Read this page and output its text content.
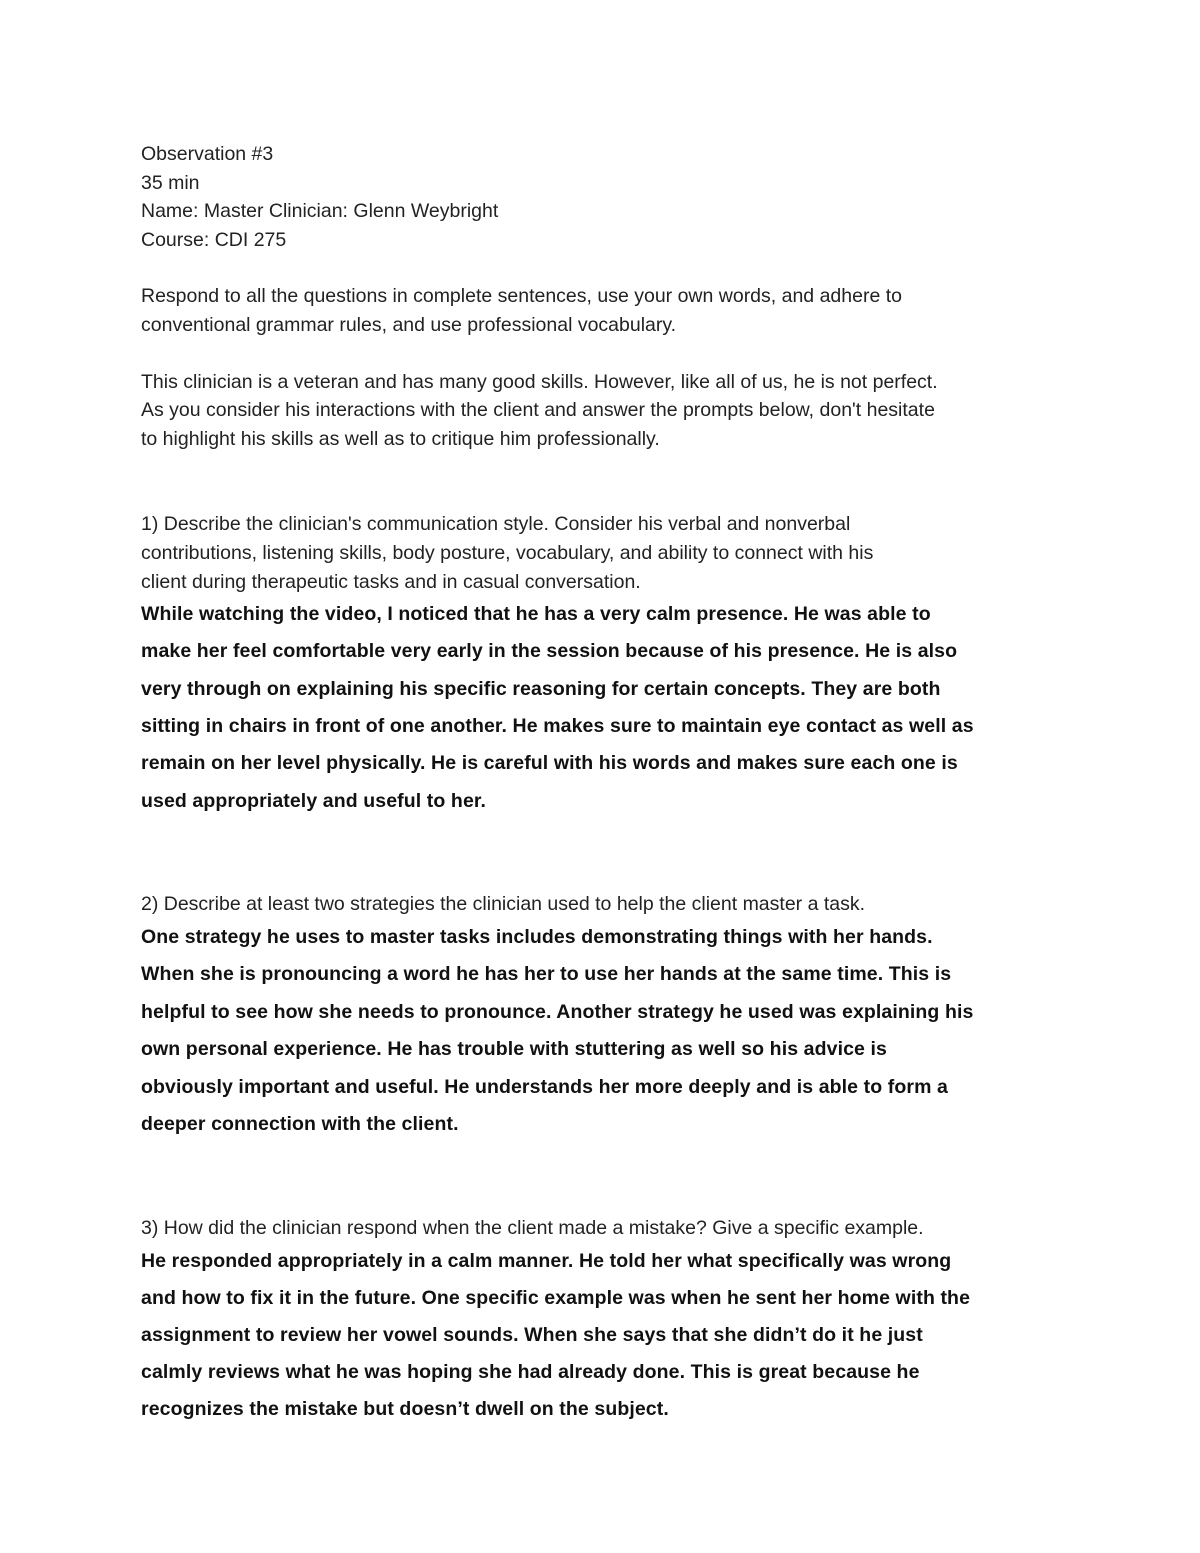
Observation #3
35 min
Name: Master Clinician: Glenn Weybright
Course: CDI 275
Respond to all the questions in complete sentences, use your own words, and adhere to
conventional grammar rules, and use professional vocabulary.
This clinician is a veteran and has many good skills. However, like all of us, he is not perfect.
As you consider his interactions with the client and answer the prompts below, don't hesitate
to highlight his skills as well as to critique him professionally.
1) Describe the clinician's communication style. Consider his verbal and nonverbal
contributions, listening skills, body posture, vocabulary, and ability to connect with his
client during therapeutic tasks and in casual conversation.
While watching the video, I noticed that he has a very calm presence. He was able to
make her feel comfortable very early in the session because of his presence. He is also
very through on explaining his specific reasoning for certain concepts. They are both
sitting in chairs in front of one another. He makes sure to maintain eye contact as well as
remain on her level physically. He is careful with his words and makes sure each one is
used appropriately and useful to her.
2) Describe at least two strategies the clinician used to help the client master a task.
One strategy he uses to master tasks includes demonstrating things with her hands.
When she is pronouncing a word he has her to use her hands at the same time. This is
helpful to see how she needs to pronounce. Another strategy he used was explaining his
own personal experience. He has trouble with stuttering as well so his advice is
obviously important and useful. He understands her more deeply and is able to form a
deeper connection with the client.
3) How did the clinician respond when the client made a mistake? Give a specific example.
He responded appropriately in a calm manner. He told her what specifically was wrong
and how to fix it in the future. One specific example was when he sent her home with the
assignment to review her vowel sounds. When she says that she didn’t do it he just
calmly reviews what he was hoping she had already done. This is great because he
recognizes the mistake but doesn’t dwell on the subject.
